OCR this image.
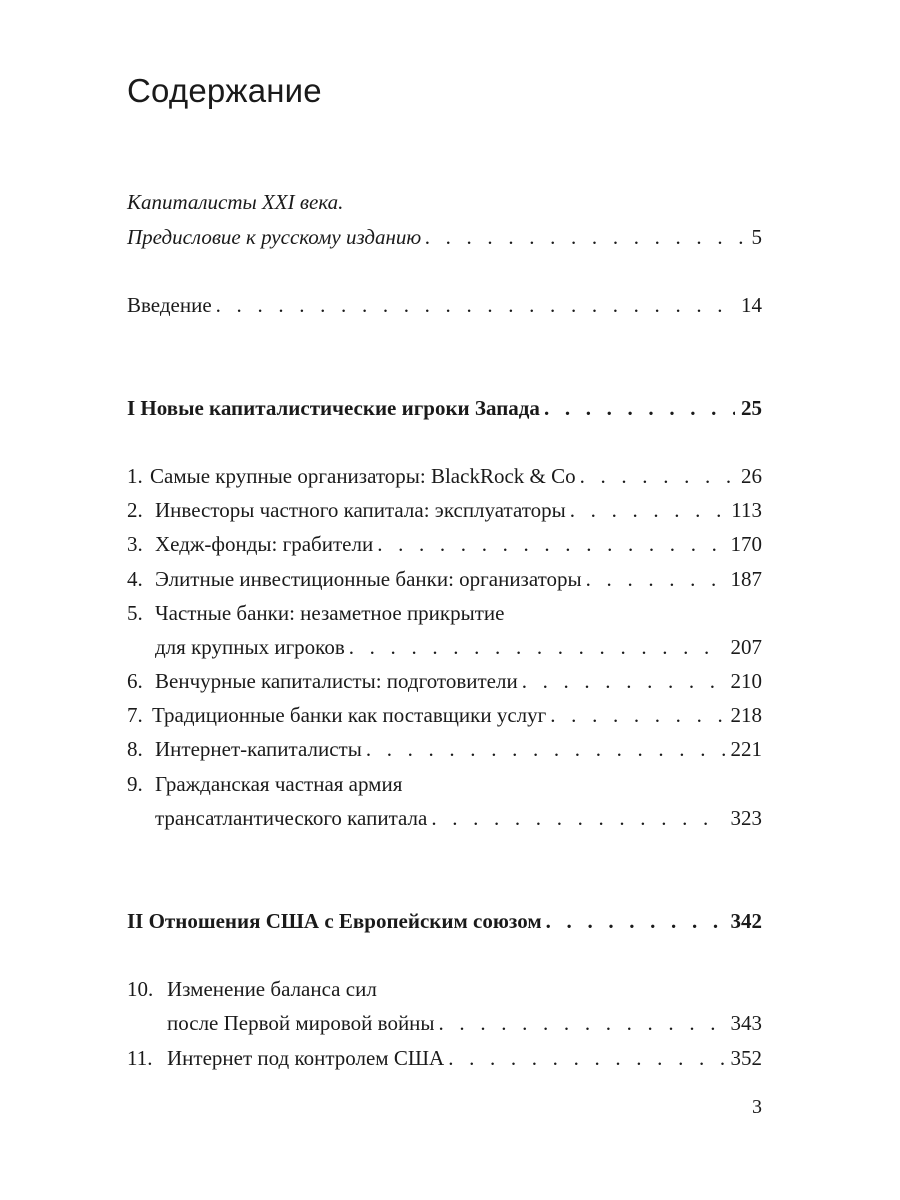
Содержание
Капиталисты XXI века.
Предисловие к русскому изданию . . .	5
Введение . . .	14
I Новые капиталистические игроки Запада . . .	25
1. Самые крупные организаторы: BlackRock & Co . . .	26
2. Инвесторы частного капитала: эксплуататоры . . .	113
3. Хедж-фонды: грабители . . .	170
4. Элитные инвестиционные банки: организаторы . . .	187
5. Частные банки: незаметное прикрытие
для крупных игроков . . .	207
6. Венчурные капиталисты: подготовители . . .	210
7. Традиционные банки как поставщики услуг . . .	218
8. Интернет-капиталисты . . .	221
9. Гражданская частная армия
трансатлантического капитала . . .	323
II Отношения США с Европейским союзом . . .	342
10. Изменение баланса сил
после Первой мировой войны . . .	343
11. Интернет под контролем США . . .	352
3
